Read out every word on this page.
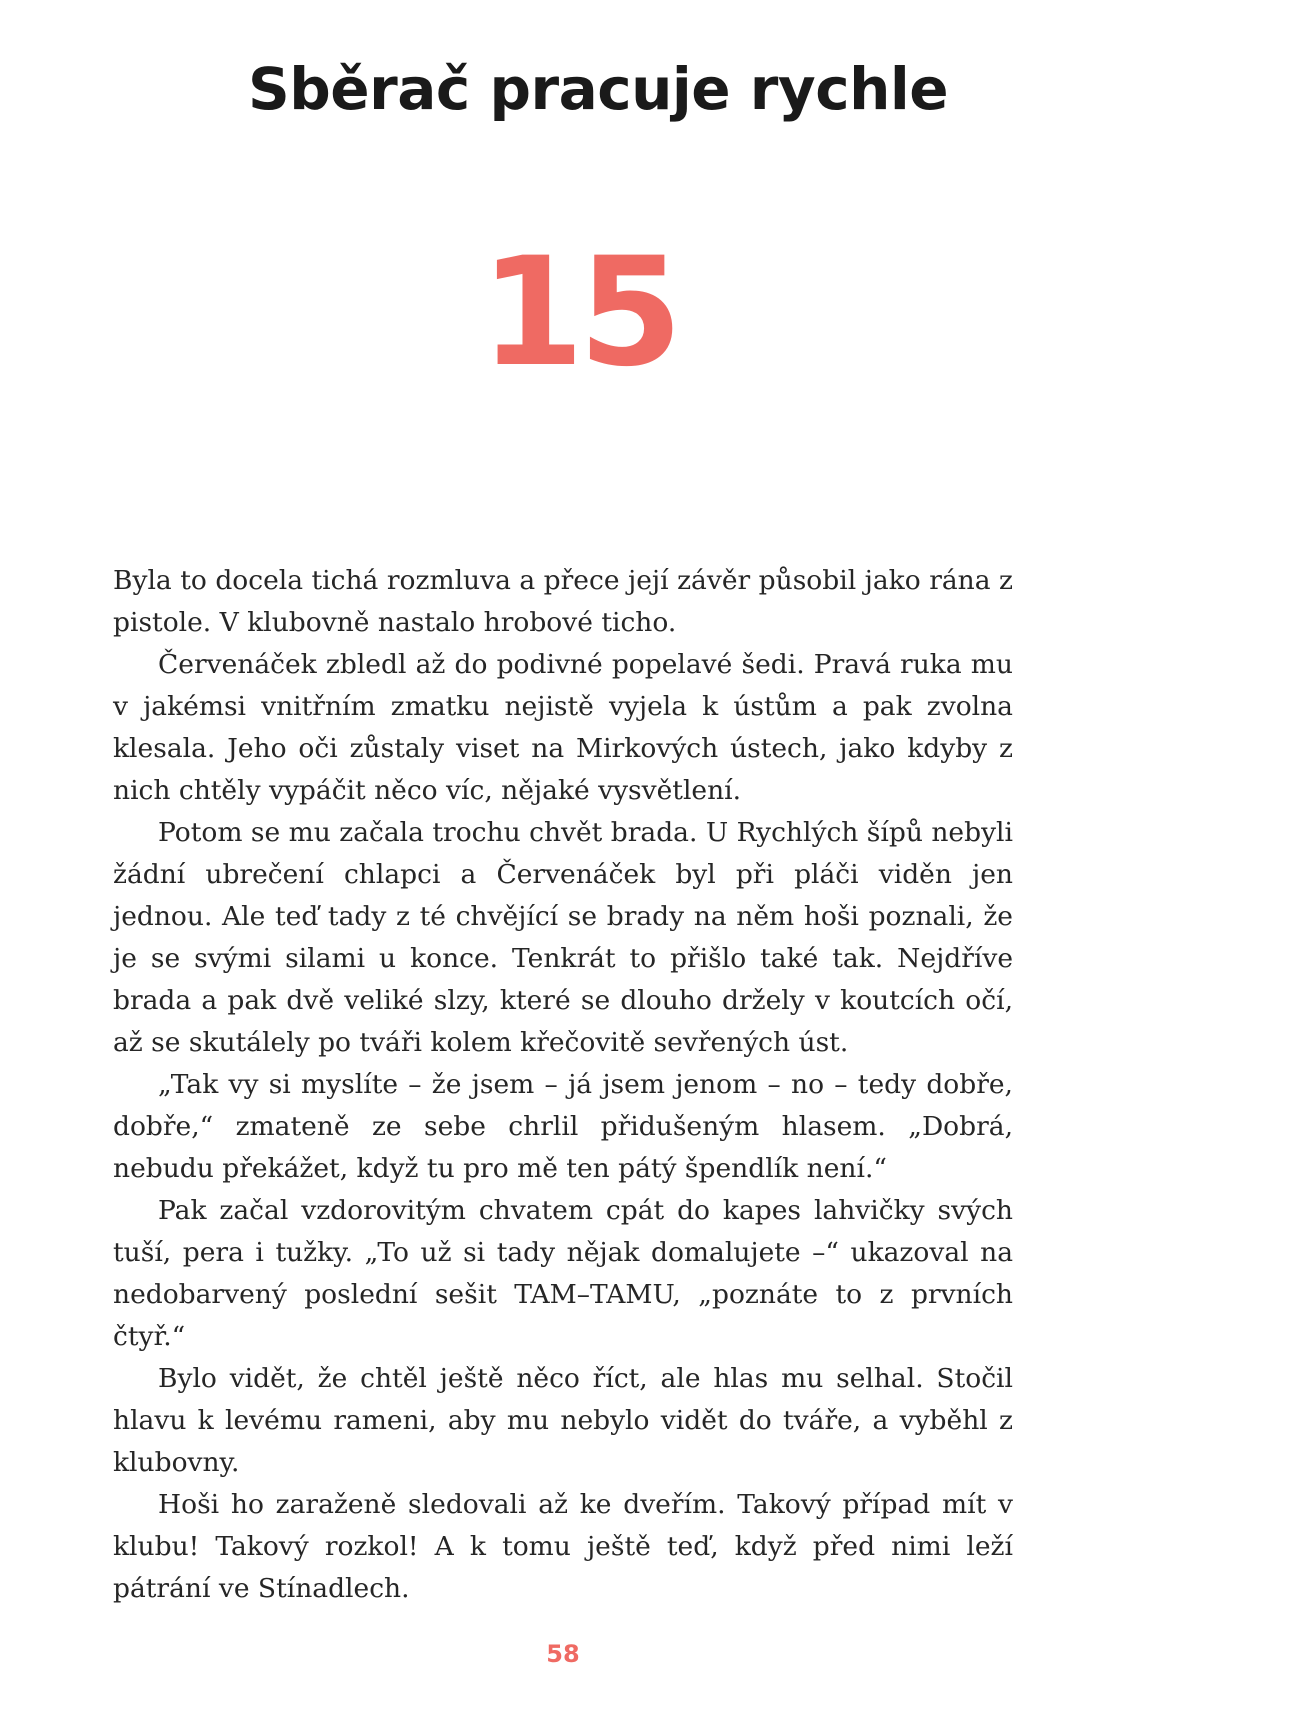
Sběrač pracuje rychle
15

Byla to docela tichá rozmluva a přece její závěr působil jako rána z pistole. V klubovně nastalo hrobové ticho.

Červenáček zbledl až do podivné popelavé šedi. Pravá ruka mu v jakémsi vnitřním zmatku nejistě vyjela k ústům a pak zvolna klesala. Jeho oči zůstaly viset na Mirkových ústech, jako kdyby z nich chtěly vypáčit něco víc, nějaké vysvětlení.

Potom se mu začala trochu chvět brada. U Rychlých šípů nebyli žádní ubrečení chlapci a Červenáček byl při pláči viděn jen jednou. Ale teď tady z té chvějící se brady na něm hoši poznali, že je se svými silami u konce. Tenkrát to přišlo také tak. Nejdříve brada a pak dvě veliké slzy, které se dlouho držely v koutcích očí, až se skutálely po tváři kolem křečovitě sevřených úst.

„Tak vy si myslíte – že jsem – já jsem jenom – no – tedy dobře, dobře,“ zmateně ze sebe chrlil přidušeným hlasem. „Dobrá, nebudu překážet, když tu pro mě ten pátý špendlík není.“

Pak začal vzdorovitým chvatem cpát do kapes lahvičky svých tuší, pera i tužky. „To už si tady nějak domalujete –“ ukazoval na nedobarvený poslední sešit TAM–TAMU, „poznáte to z prvních čtyř.“

Bylo vidět, že chtěl ještě něco říct, ale hlas mu selhal. Stočil hlavu k levému rameni, aby mu nebylo vidět do tváře, a vyběhl z klubovny.

Hoši ho zaraženě sledovali až ke dveřím. Takový případ mít v klubu! Takový rozkol! A k tomu ještě teď, když před nimi leží pátrání ve Stínadlech.

58
